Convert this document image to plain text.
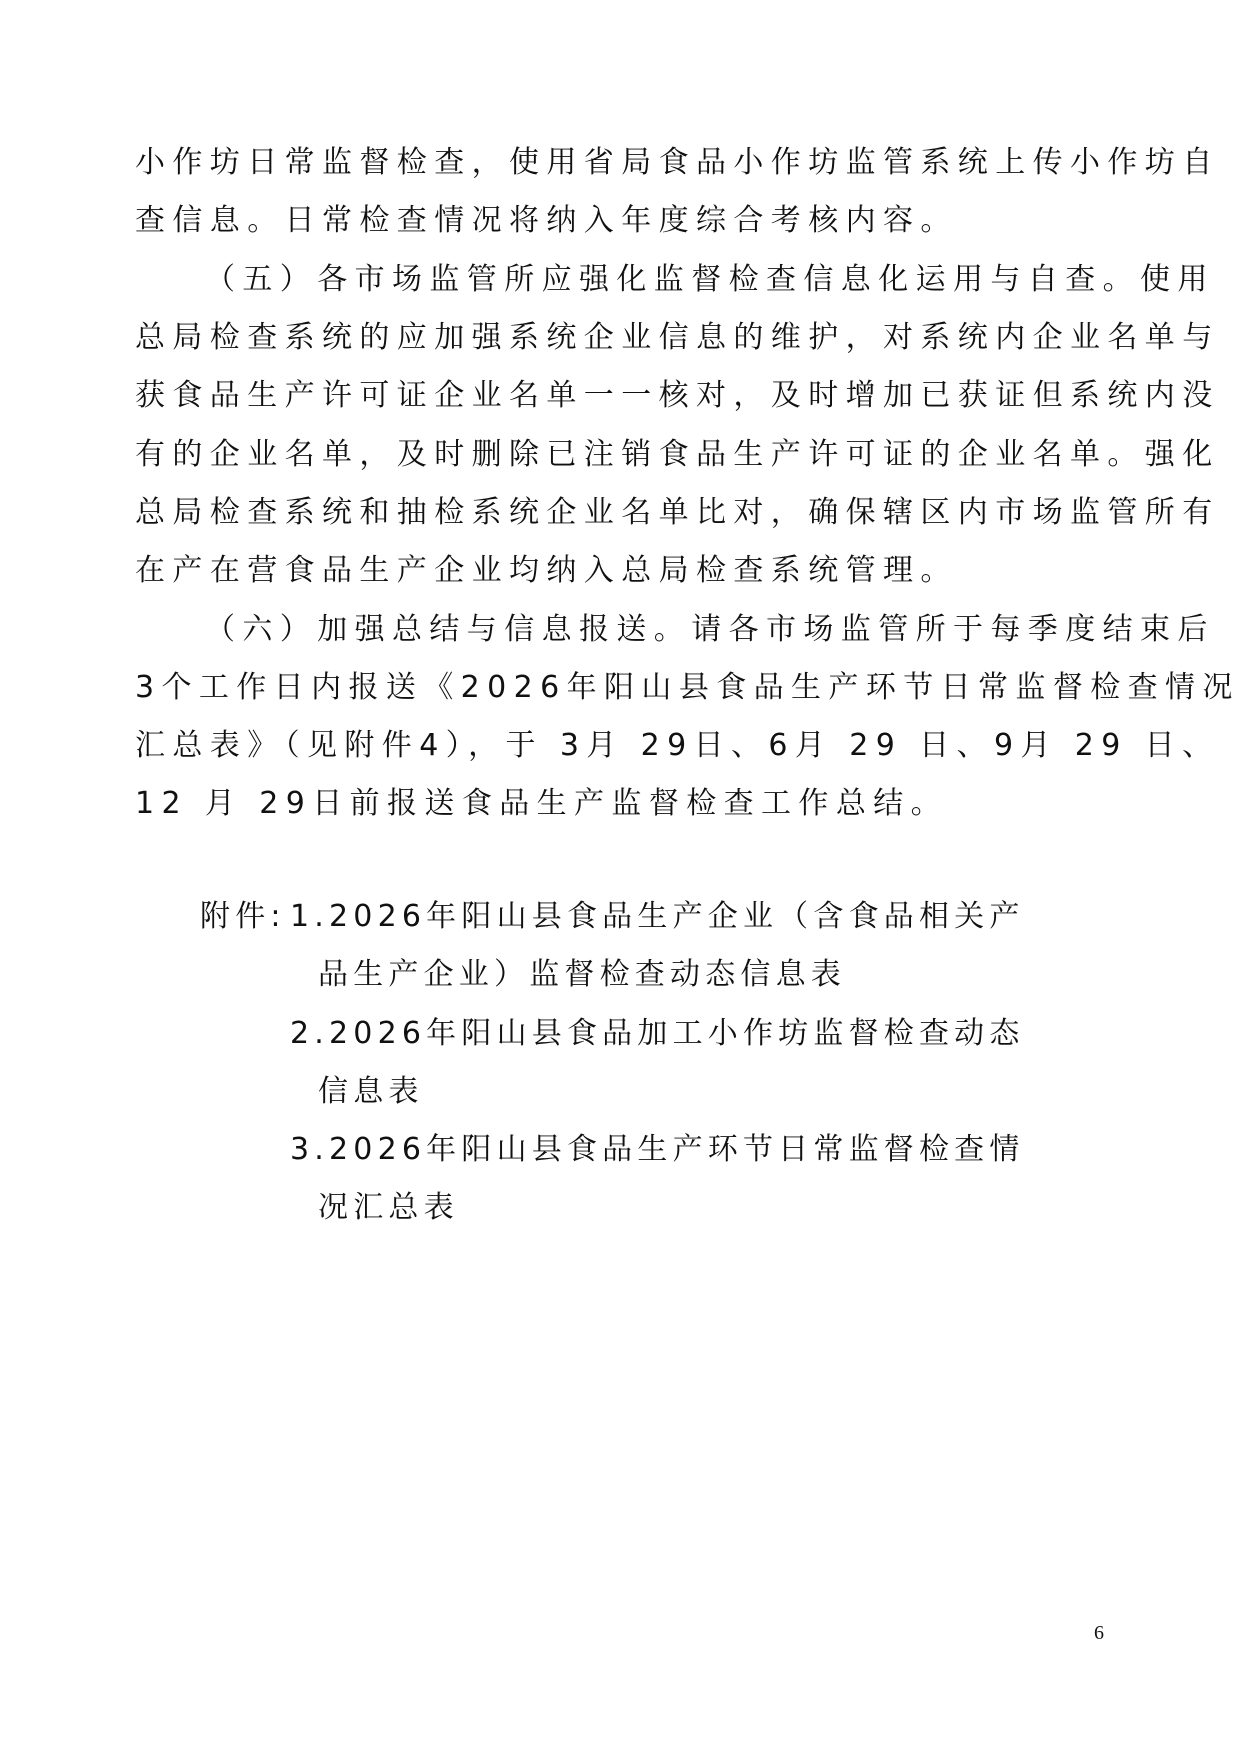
小作坊日常监督检查，使用省局食品小作坊监管系统上传小作坊自
查信息。日常检查情况将纳入年度综合考核内容。
（五）各市场监管所应强化监督检查信息化运用与自查。使用
总局检查系统的应加强系统企业信息的维护，对系统内企业名单与
获食品生产许可证企业名单一一核对，及时增加已获证但系统内没
有的企业名单，及时删除已注销食品生产许可证的企业名单。强化
总局检查系统和抽检系统企业名单比对，确保辖区内市场监管所有
在产在营食品生产企业均纳入总局检查系统管理。
（六）加强总结与信息报送。请各市场监管所于每季度结束后
3个工作日内报送《2026年阳山县食品生产环节日常监督检查情况
汇总表》（见附件4），于 3月 29日、6月 29 日、9月 29 日、
12 月 29日前报送食品生产监督检查工作总结。
附件: 1.2026年阳山县食品生产企业（含食品相关产
品生产企业）监督检查动态信息表
2.2026年阳山县食品加工小作坊监督检查动态
信息表
3.2026年阳山县食品生产环节日常监督检查情
况汇总表
6
